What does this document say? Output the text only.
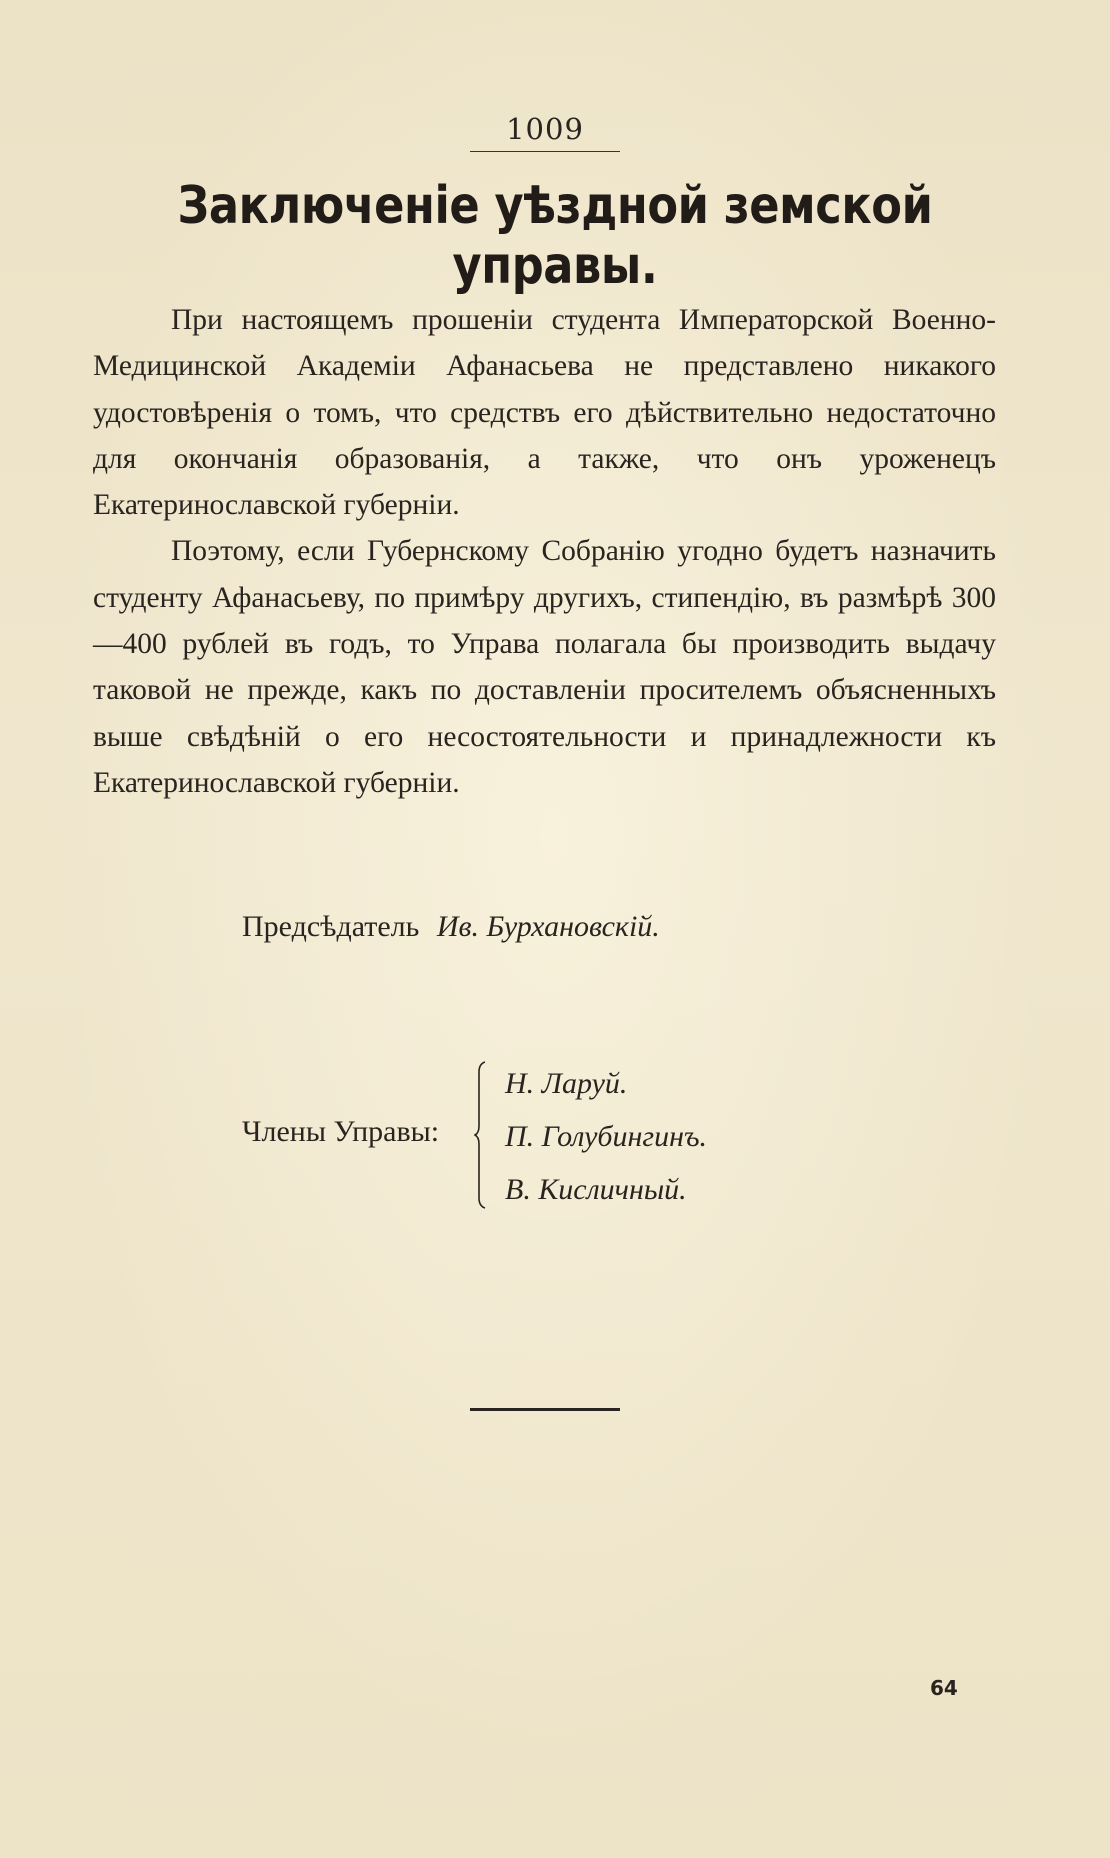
1009
Заключенiе уѣздной земской управы.

При настоящемъ прошенiи студента Императорской Военно-Медицинской Академiи Афанасьева не представлено никакого удостовѣренiя о томъ, что средствъ его дѣйствительно недостаточно для окончанiя образованiя, а также, что онъ уроженецъ Екатеринославской губернiи.

Поэтому, если Губернскому Собранiю угодно будетъ назначить студенту Афанасьеву, по примѣру другихъ, стипендiю, въ размѣрѣ 300—400 рублей въ годъ, то Управа полагала бы производить выдачу таковой не прежде, какъ по доставленiи просителемъ объясненныхъ выше свѣдѣнiй о его несостоятельности и принадлежности къ Екатеринославской губернiи.

Предсѣдатель Ив. Бурхановскiй.
Члены Управы:
Н. Ларуй.
П. Голубингинъ.
В. Кисличный.
64
